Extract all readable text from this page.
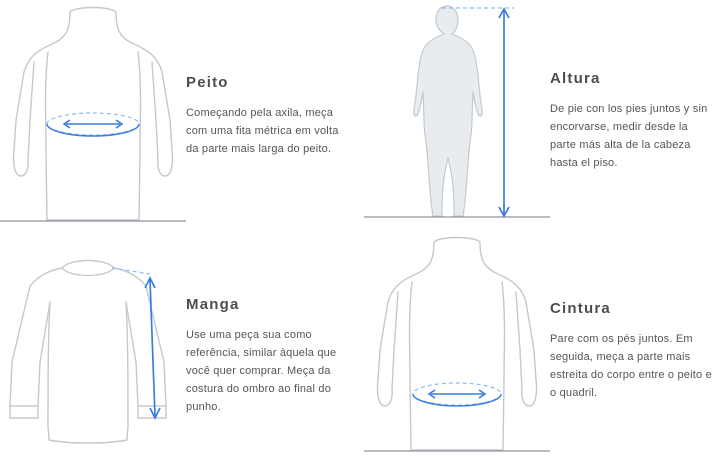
Peito
Começando pela axila, meça com uma fita métrica em volta da parte mais larga do peito.
Altura
De pie con los pies juntos y sin encorvarse, medir desde la parte más alta de la cabeza hasta el piso.
Manga
Use uma peça sua como referência, similar àquela que você quer comprar. Meça da costura do ombro ao final do punho.
Cintura
Pare com os pés juntos. Em seguida, meça a parte mais estreita do corpo entre o peito e o quadril.
